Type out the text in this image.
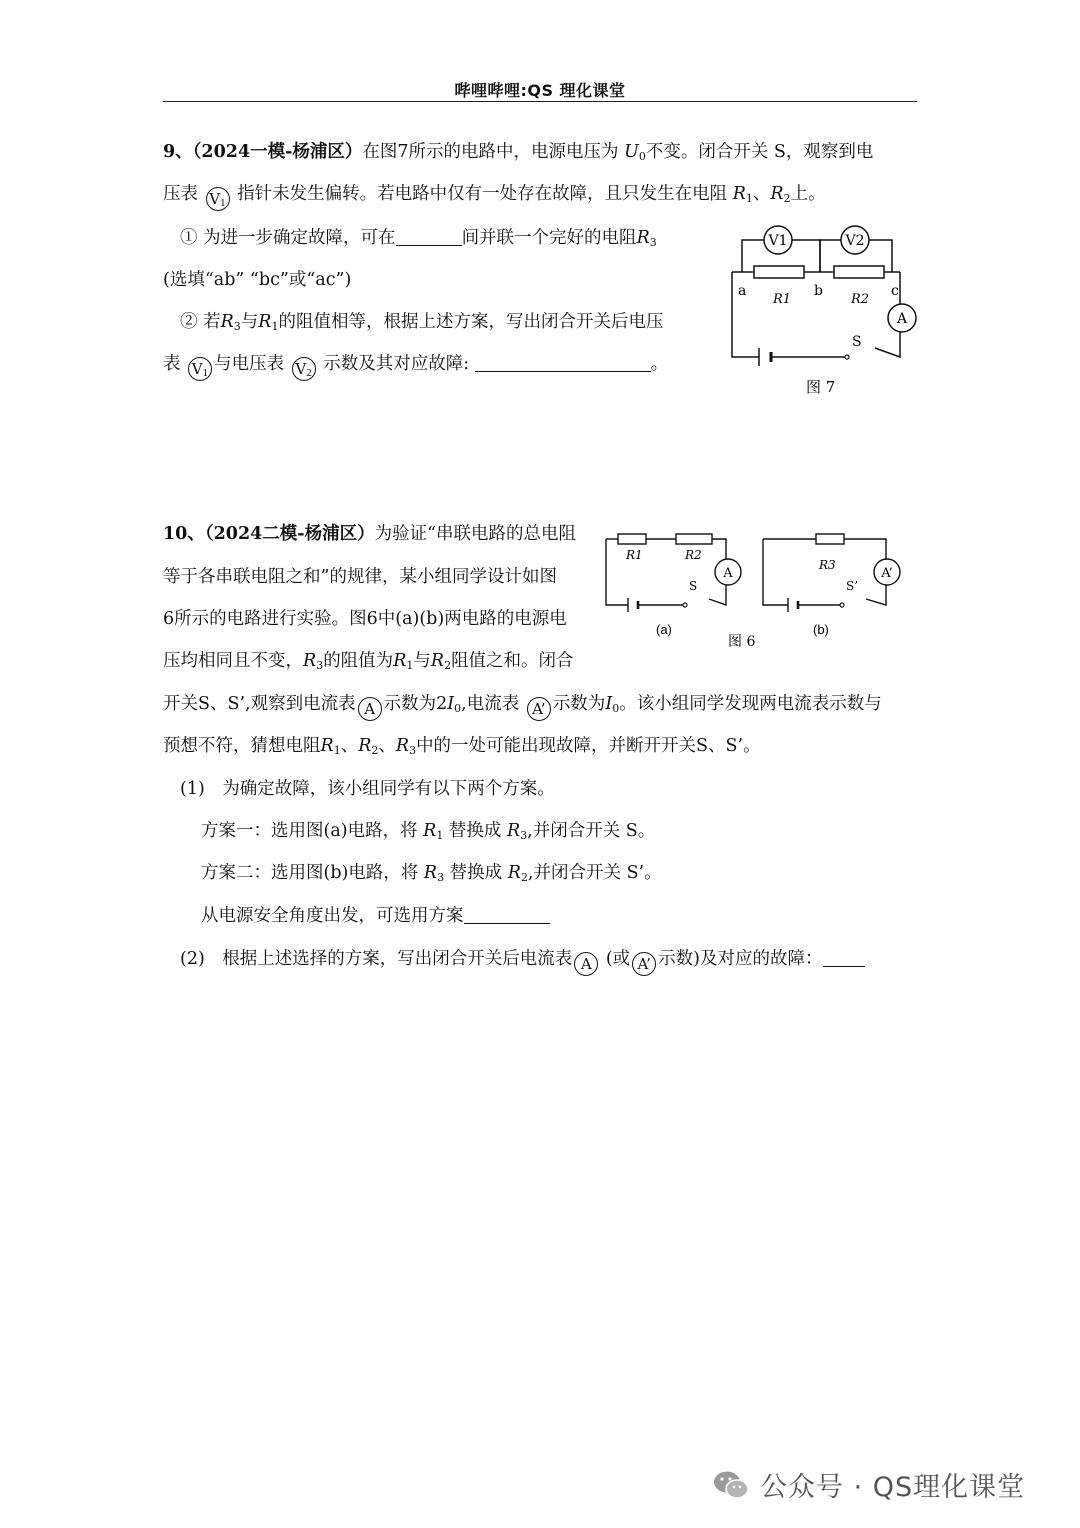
哔哩哔哩:QS 理化课堂
9、（2024一模-杨浦区）在图7所示的电路中，电源电压为 $U_0$不变。闭合开关 S，观察到电
压表 $V_1$ 指针未发生偏转。若电路中仅有一处存在故障，且只发生在电阻 $R_1$、$R_2$上。
① 为进一步确定故障，可在	间并联一个完好的电阻$R_3$
(选填“ab” “bc”或“ac”)
② 若$R_3$与$R_1$的阻值相等，根据上述方案，写出闭合开关后电压
表 $V_1$ 与电压表 $V_2$ 示数及其对应故障:	。
V1	V2
A
S
R1	R2
a	b	c
图 7
10、（2024二模-杨浦区）为验证“串联电路的总电阻
等于各串联电阻之和”的规律，某小组同学设计如图
6所示的电路进行实验。图6中(a)(b)两电路的电源电
压均相同且不变，$R_3$的阻值为$R_1$与$R_2$阻值之和。闭合
开关S、S’,观察到电流表 A 示数为$2I_0$,电流表 A’ 示数为$I_0$。该小组同学发现两电流表示数与
预想不符，猜想电阻$R_1$、$R_2$、$R_3$中的一处可能出现故障，并断开开关S、S’。
(1)　为确定故障，该小组同学有以下两个方案。
方案一：选用图(a)电路，将 $R_1$ 替换成 $R_3$,并闭合开关 S。
方案二：选用图(b)电路，将 $R_3$ 替换成 $R_2$,并闭合开关 S’。
从电源安全角度出发，可选用方案
(2)　根据上述选择的方案，写出闭合开关后电流表 A (或 A’ 示数)及对应的故障：
A	A’
R1	R2
R3
S	S’
(a)	(b)
图 6
公众号 · QS理化课堂
